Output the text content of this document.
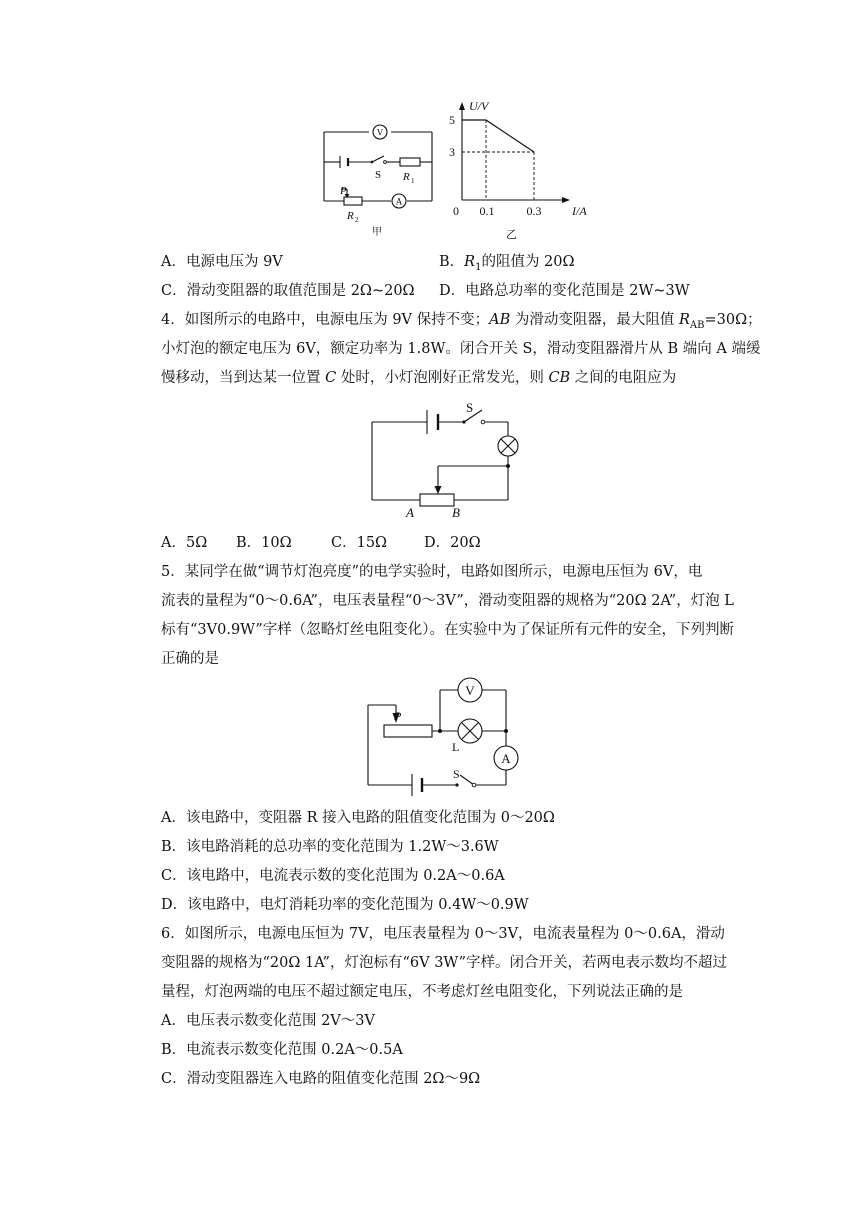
V
A
S R 1
P
R 2
甲
U/V
I/A
0
5
3
0.1	0.3
乙
A．电源电压为 9V	B．$R_1$的阻值为 20Ω
C．滑动变阻器的取值范围是 2Ω~20Ω D．电路总功率的变化范围是 2W~3W
4．如图所示的电路中，电源电压为 9V 保持不变；AB 为滑动变阻器，最大阻值 $R_{AB}=30\Omega$；
小灯泡的额定电压为 6V，额定功率为 1.8W。闭合开关 S，滑动变阻器滑片从 B 端向 A 端缓
慢移动，当到达某一位置 C 处时，小灯泡刚好正常发光，则 CB 之间的电阻应为
S
A	B
A．5Ω B．10Ω	C．15Ω	D．20Ω
5．某同学在做“调节灯泡亮度”的电学实验时，电路如图所示，电源电压恒为 6V，电
流表的量程为“0～0.6A”，电压表量程“0～3V”，滑动变阻器的规格为“20Ω 2A”，灯泡 L
标有“3V0.9W”字样（忽略灯丝电阻变化）。在实验中为了保证所有元件的安全，下列判断
正确的是
P
V
L
A
S
A．该电路中，变阻器 R 接入电路的阻值变化范围为 0～20Ω
B．该电路消耗的总功率的变化范围为 1.2W～3.6W
C．该电路中，电流表示数的变化范围为 0.2A～0.6A
D．该电路中，电灯消耗功率的变化范围为 0.4W～0.9W
6．如图所示，电源电压恒为 7V，电压表量程为 0～3V，电流表量程为 0～0.6A，滑动
变阻器的规格为“20Ω 1A”，灯泡标有“6V 3W”字样。闭合开关，若两电表示数均不超过
量程，灯泡两端的电压不超过额定电压，不考虑灯丝电阻变化，下列说法正确的是
A．电压表示数变化范围 2V～3V
B．电流表示数变化范围 0.2A～0.5A
C．滑动变阻器连入电路的阻值变化范围 2Ω～9Ω
